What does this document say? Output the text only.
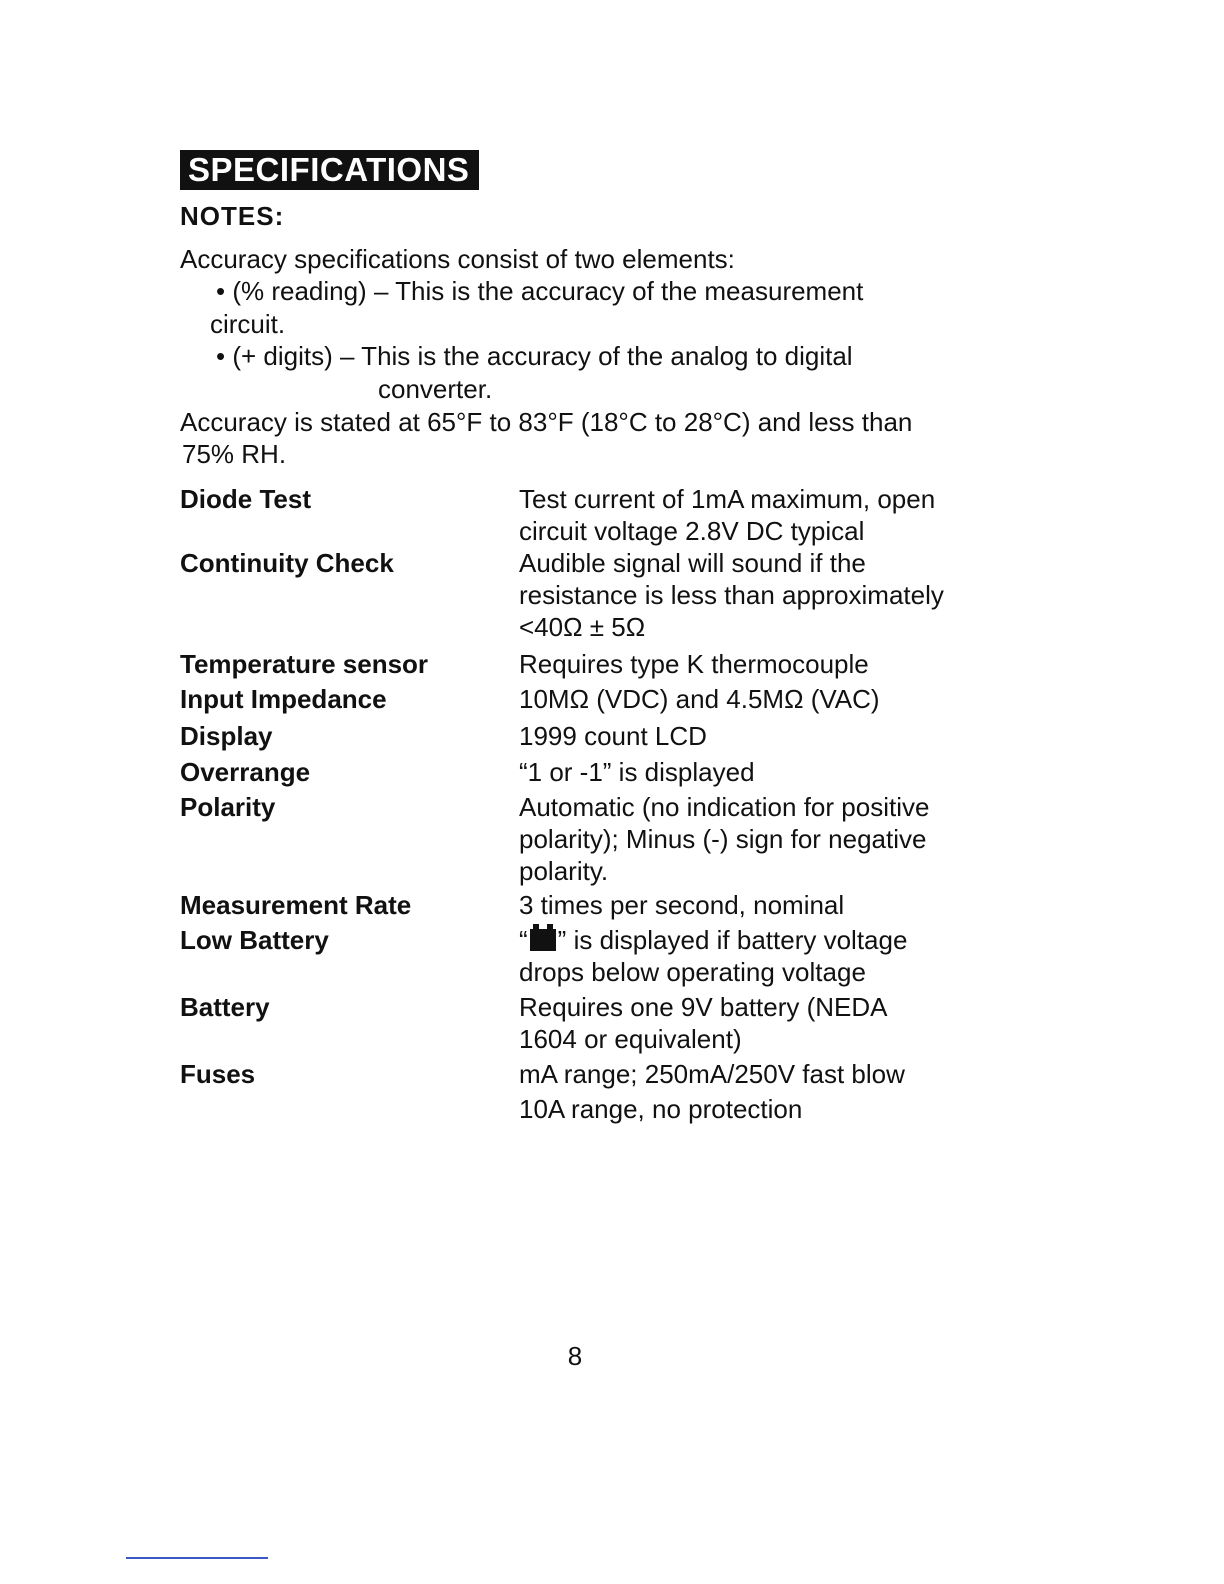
SPECIFICATIONS
NOTES:
Accuracy specifications consist of two elements:
• (% reading) – This is the accuracy of the measurement
circuit.
• (+ digits) – This is the accuracy of the analog to digital
converter.
Accuracy is stated at 65°F to 83°F (18°C to 28°C) and less than
75% RH.
Diode Test	Test current of 1mA maximum, open
circuit voltage 2.8V DC typical
Continuity Check	Audible signal will sound if the
resistance is less than approximately
<40Ω ± 5Ω
Temperature sensor	Requires type K thermocouple
Input Impedance	10MΩ (VDC) and 4.5MΩ (VAC)
Display	1999 count LCD
Overrange	“1 or -1” is displayed
Polarity	Automatic (no indication for positive
polarity); Minus (-) sign for negative
polarity.
Measurement Rate	3 times per second, nominal
Low Battery	“ ” is displayed if battery voltage
drops below operating voltage
Battery	Requires one 9V battery (NEDA
1604 or equivalent)
Fuses	mA range; 250mA/250V fast blow
10A range, no protection
8
